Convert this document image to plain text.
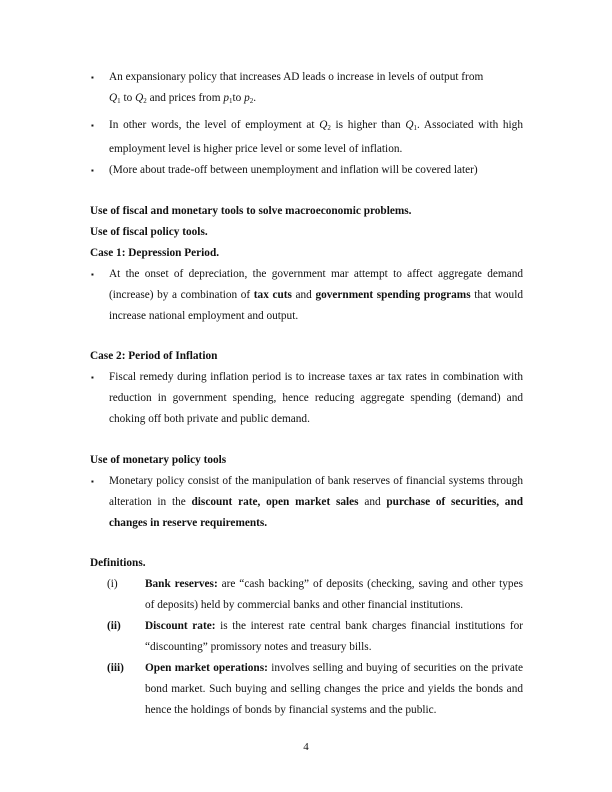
▪ An expansionary policy that increases AD leads o increase in levels of output from
$Q_1$ to $Q_2$ and prices from $p_1to$ $p_2$.
▪ In other words, the level of employment at $Q_2$ is higher than $Q_1$. Associated with high employment level is higher price level or some level of inflation.
▪ (More about trade-off between unemployment and inflation will be covered later)
Use of fiscal and monetary tools to solve macroeconomic problems.
Use of fiscal policy tools.
Case 1: Depression Period.
▪ At the onset of depreciation, the government mar attempt to affect aggregate demand (increase) by a combination of tax cuts and government spending programs that would increase national employment and output.
Case 2: Period of Inflation
▪ Fiscal remedy during inflation period is to increase taxes ar tax rates in combination with reduction in government spending, hence reducing aggregate spending (demand) and choking off both private and public demand.
Use of monetary policy tools
▪ Monetary policy consist of the manipulation of bank reserves of financial systems through alteration in the discount rate, open market sales and purchase of securities, and changes in reserve requirements.
Definitions.
(i) Bank reserves: are “cash backing” of deposits (checking, saving and other types of deposits) held by commercial banks and other financial institutions.
(ii) Discount rate: is the interest rate central bank charges financial institutions for “discounting” promissory notes and treasury bills.
(iii) Open market operations: involves selling and buying of securities on the private bond market. Such buying and selling changes the price and yields the bonds and hence the holdings of bonds by financial systems and the public.
4
